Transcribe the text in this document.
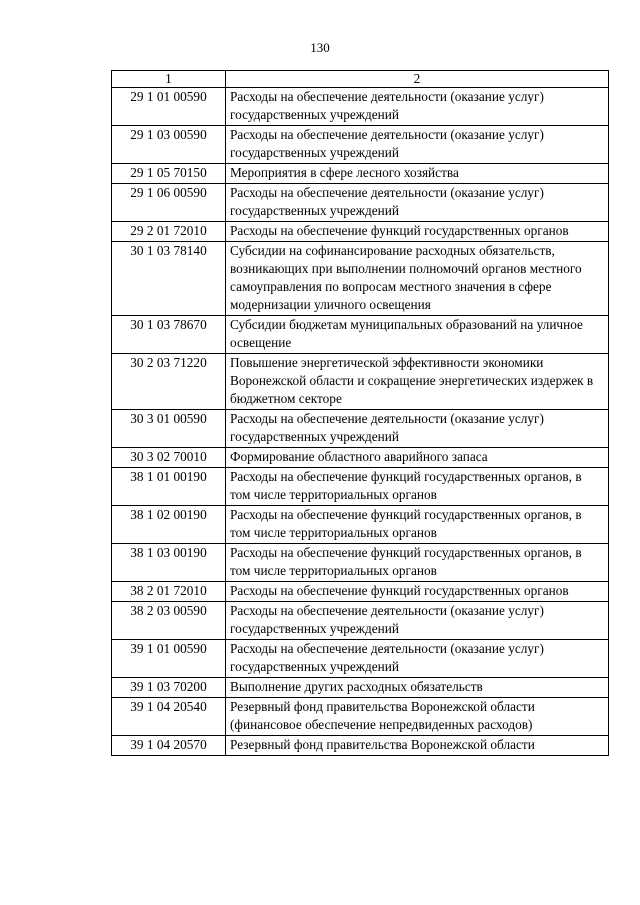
130
1	2
29 1 01 00590	Расходы на обеспечение деятельности (оказание услуг) государственных учреждений
29 1 03 00590	Расходы на обеспечение деятельности (оказание услуг) государственных учреждений
29 1 05 70150	Мероприятия в сфере лесного хозяйства
29 1 06 00590	Расходы на обеспечение деятельности (оказание услуг) государственных учреждений
29 2 01 72010	Расходы на обеспечение функций государственных органов
30 1 03 78140	Субсидии на софинансирование расходных обязательств, возникающих при выполнении полномочий органов местного самоуправления по вопросам местного значения в сфере модернизации уличного освещения
30 1 03 78670	Субсидии бюджетам муниципальных образований на уличное освещение
30 2 03 71220	Повышение энергетической эффективности экономики Воронежской области и сокращение энергетических издержек в бюджетном секторе
30 3 01 00590	Расходы на обеспечение деятельности (оказание услуг) государственных учреждений
30 3 02 70010	Формирование областного аварийного запаса
38 1 01 00190	Расходы на обеспечение функций государственных органов, в том числе территориальных органов
38 1 02 00190	Расходы на обеспечение функций государственных органов, в том числе территориальных органов
38 1 03 00190	Расходы на обеспечение функций государственных органов, в том числе территориальных органов
38 2 01 72010	Расходы на обеспечение функций государственных органов
38 2 03 00590	Расходы на обеспечение деятельности (оказание услуг) государственных учреждений
39 1 01 00590	Расходы на обеспечение деятельности (оказание услуг) государственных учреждений
39 1 03 70200	Выполнение других расходных обязательств
39 1 04 20540	Резервный фонд правительства Воронежской области (финансовое обеспечение непредвиденных расходов)
39 1 04 20570	Резервный фонд правительства Воронежской области
